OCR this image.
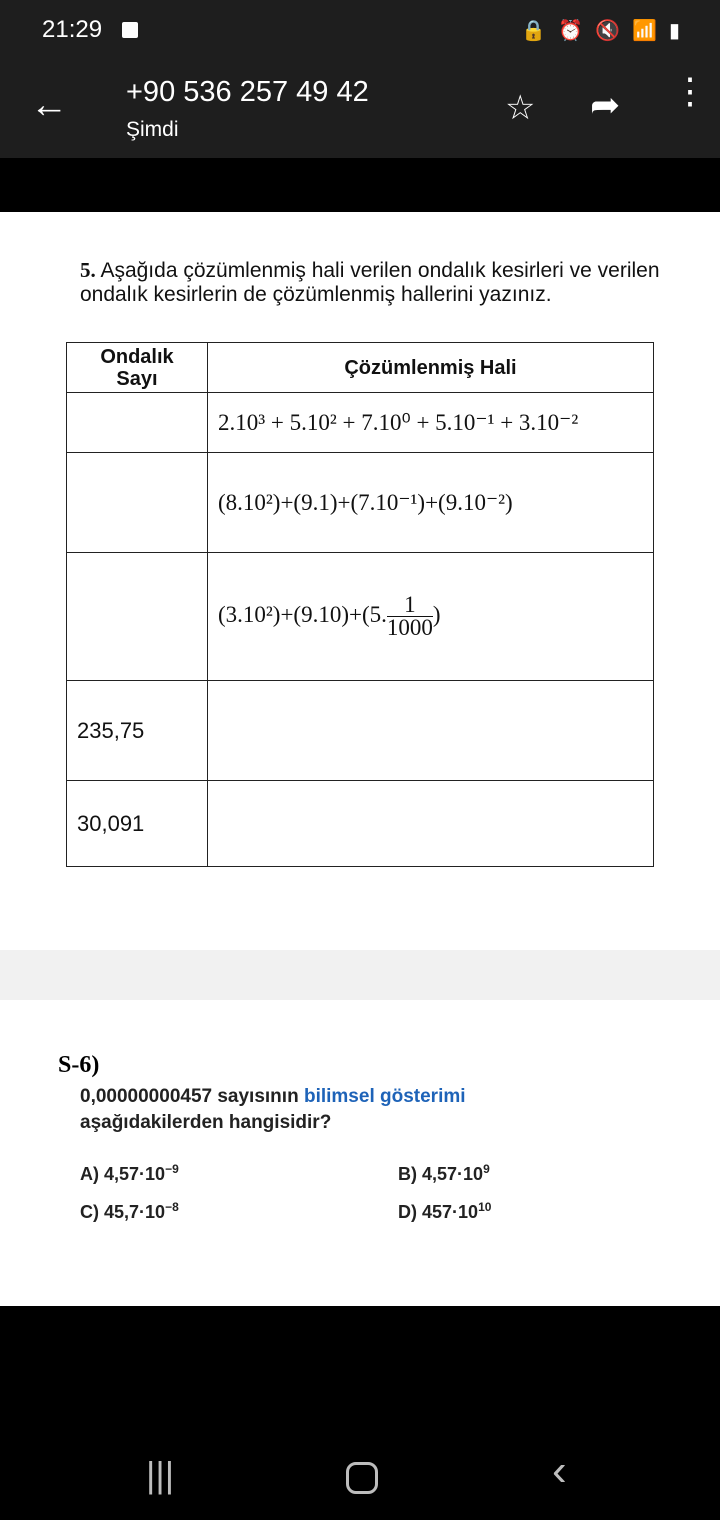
21:29	🔒 ⏰ 🔇 📶 ▮
← +90 536 257 49 42
Şimdi
☆ ➦ ⋮
5. Aşağıda çözümlenmiş hali verilen ondalık kesirleri ve verilen ondalık kesirlerin de çözümlenmiş hallerini yazınız.
Ondalık Sayı	Çözümlenmiş Hali
	2.10³ + 5.10² + 7.10⁰ + 5.10⁻¹ + 3.10⁻²
	(8.10²)+(9.1)+(7.10⁻¹)+(9.10⁻²)
	(3.10²)+(9.10)+(5. $\frac{1}{1000}$ )
235,75	
30,091	
S-6)
0,00000000457 sayısının bilimsel gösterimi
aşağıdakilerden hangisidir?
A) $4,57\cdot 10^{-9}$	B) $4,57\cdot 10^9$
C) $45,7\cdot 10^{-8}$	D) $457\cdot 10^{10}$
|||	‹
